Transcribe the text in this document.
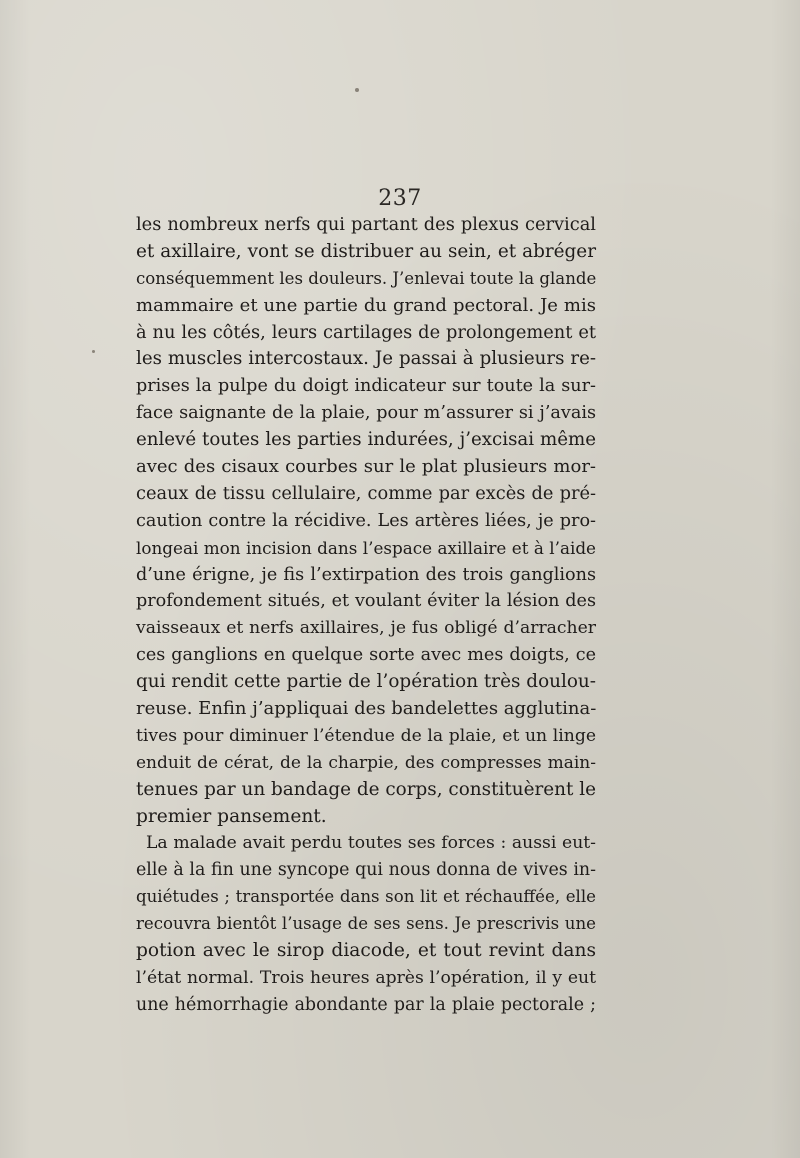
237
les nombreux nerfs qui partant des plexus cervical
et axillaire, vont se distribuer au sein, et abréger
conséquemment les douleurs. J’enlevai toute la glande
mammaire et une partie du grand pectoral. Je mis
à nu les côtés, leurs cartilages de prolongement et
les muscles intercostaux. Je passai à plusieurs re-
prises la pulpe du doigt indicateur sur toute la sur-
face saignante de la plaie, pour m’assurer si j’avais
enlevé toutes les parties indurées, j’excisai même
avec des cisaux courbes sur le plat plusieurs mor-
ceaux de tissu cellulaire, comme par excès de pré-
caution contre la récidive. Les artères liées, je pro-
longeai mon incision dans l’espace axillaire et à l’aide
d’une érigne, je fis l’extirpation des trois ganglions
profondement situés, et voulant éviter la lésion des
vaisseaux et nerfs axillaires, je fus obligé d’arracher
ces ganglions en quelque sorte avec mes doigts, ce
qui rendit cette partie de l’opération très doulou-
reuse. Enfin j’appliquai des bandelettes agglutina-
tives pour diminuer l’étendue de la plaie, et un linge
enduit de cérat, de la charpie, des compresses main-
tenues par un bandage de corps, constituèrent le
premier pansement.
La malade avait perdu toutes ses forces : aussi eut-
elle à la fin une syncope qui nous donna de vives in-
quiétudes ; transportée dans son lit et réchauffée, elle
recouvra bientôt l’usage de ses sens. Je prescrivis une
potion avec le sirop diacode, et tout revint dans
l’état normal. Trois heures après l’opération, il y eut
une hémorrhagie abondante par la plaie pectorale ;
